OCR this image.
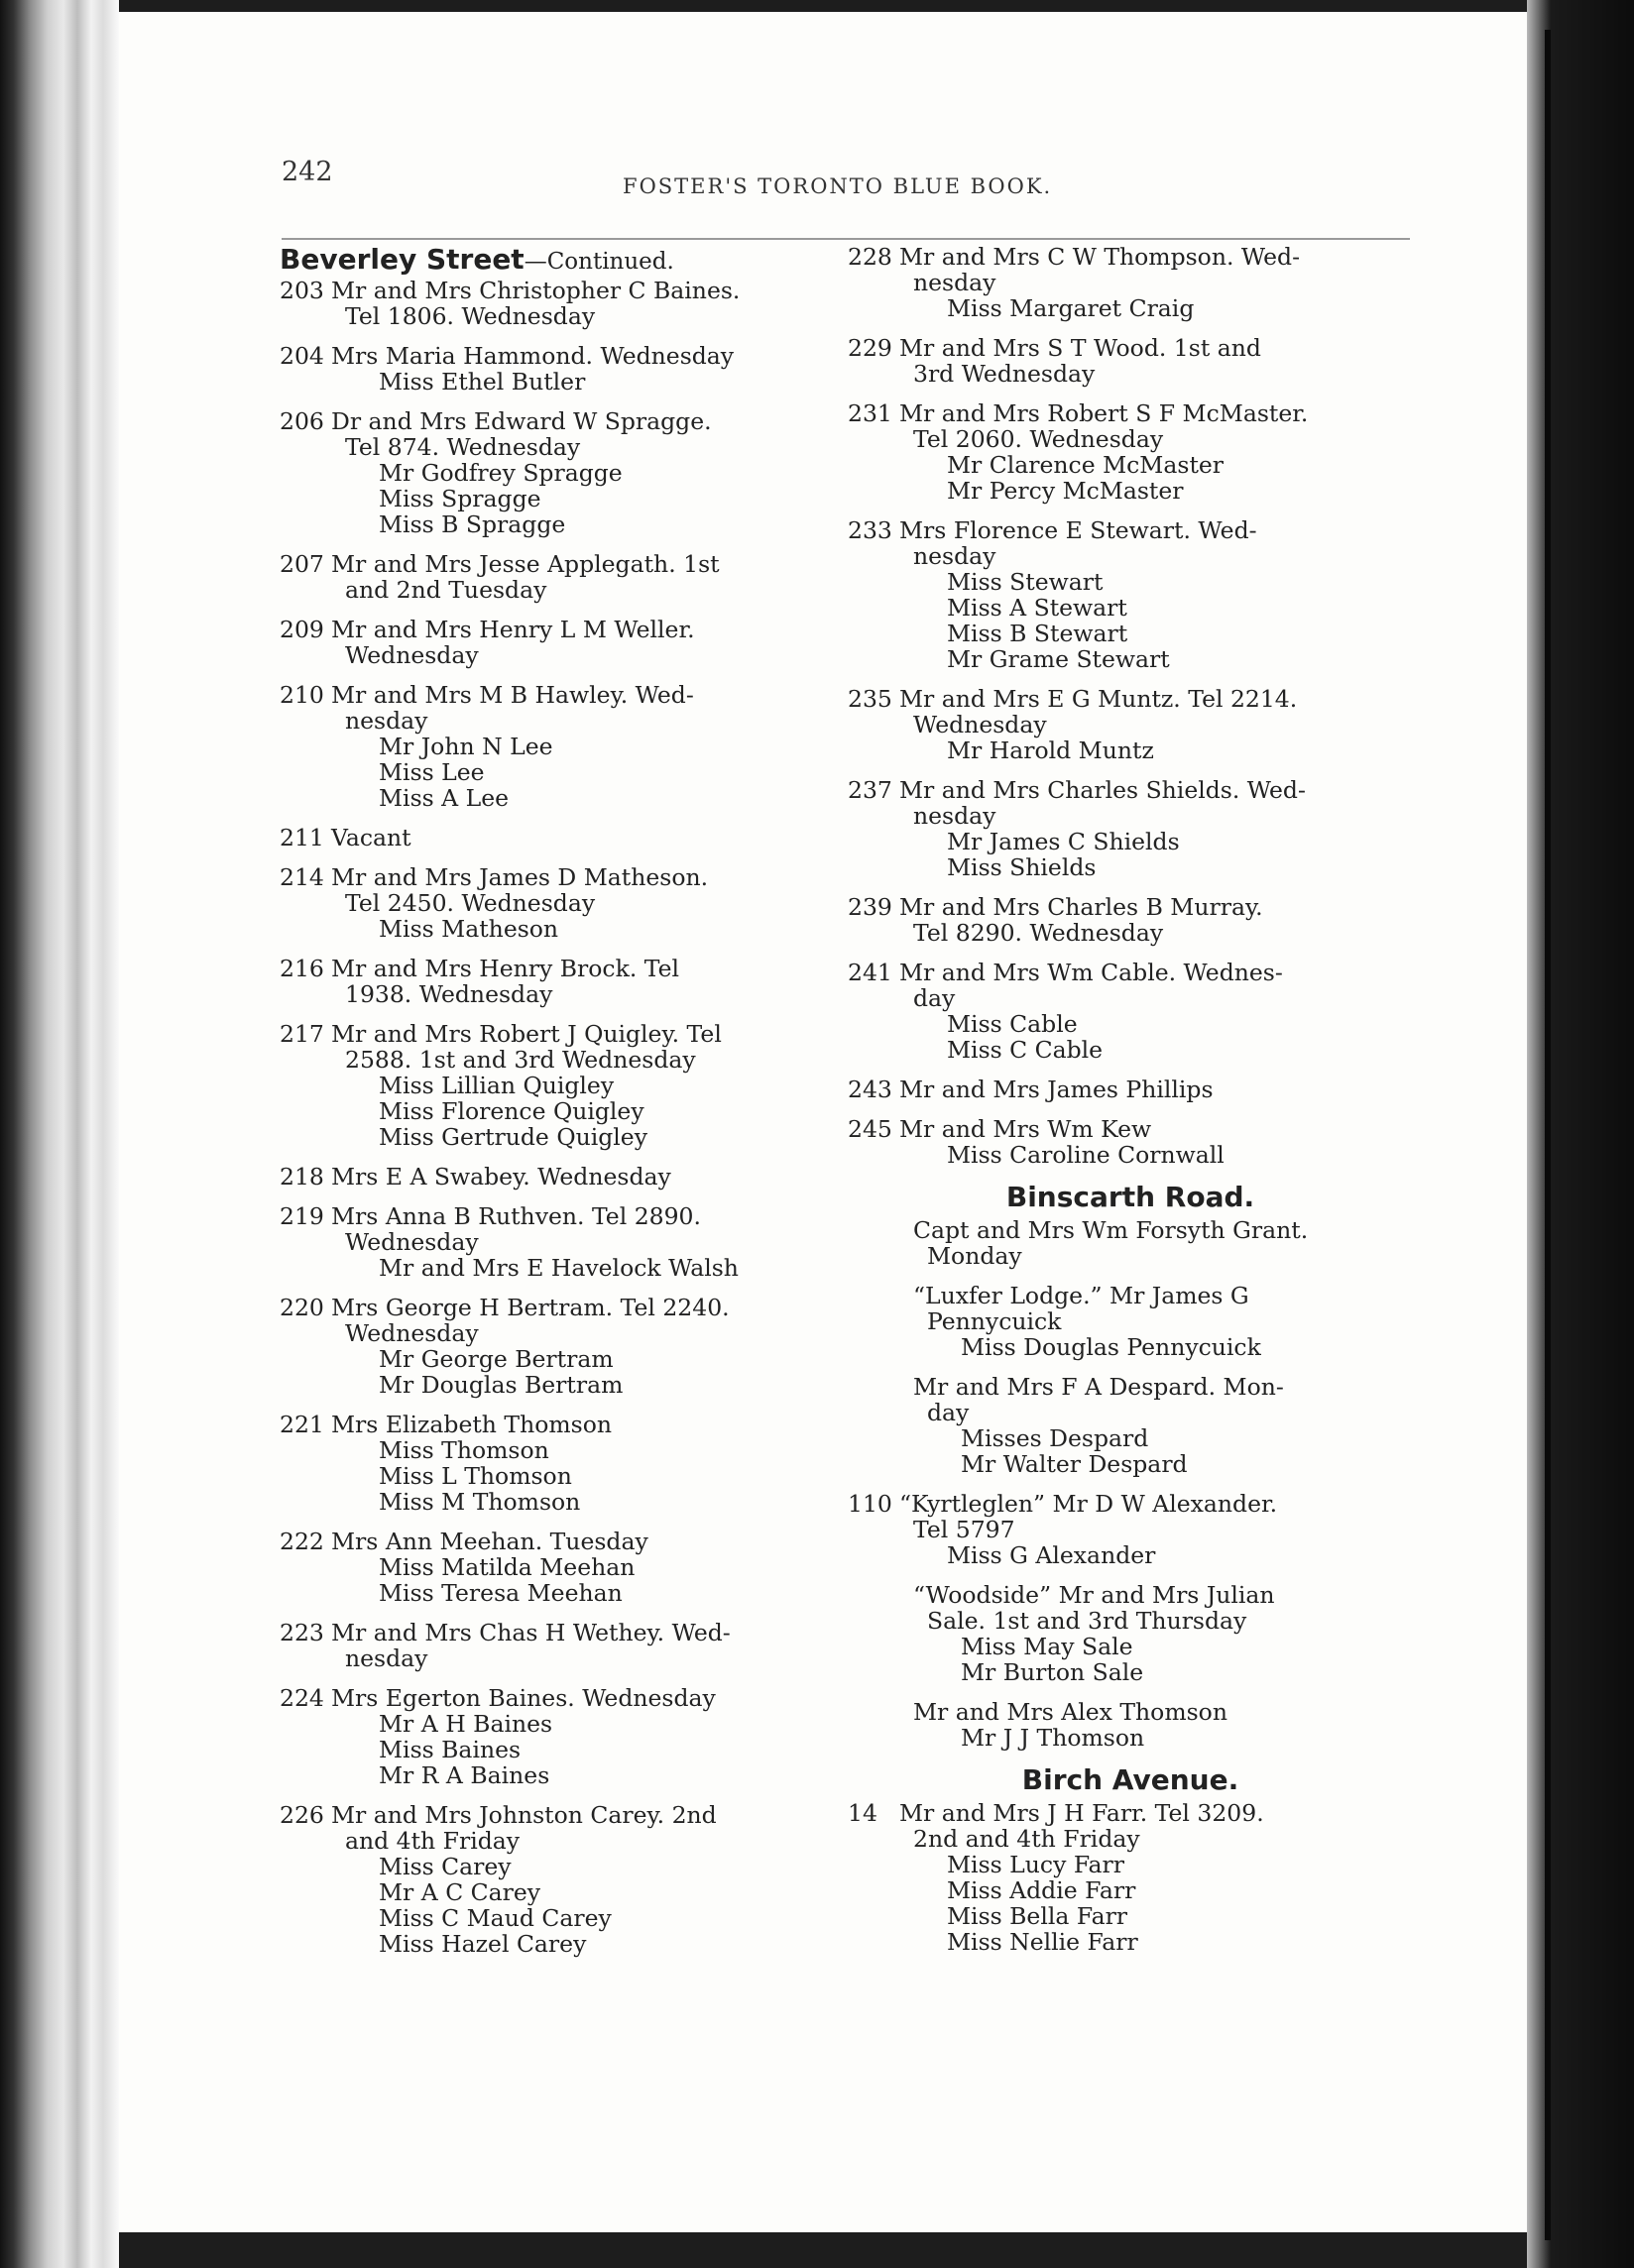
242	FOSTER'S TORONTO BLUE BOOK.
Beverley Street—Continued.
203 Mr and Mrs Christopher C Baines.
Tel 1806. Wednesday
204 Mrs Maria Hammond. Wednesday
Miss Ethel Butler
206 Dr and Mrs Edward W Spragge.
Tel 874. Wednesday
Mr Godfrey Spragge
Miss Spragge
Miss B Spragge
207 Mr and Mrs Jesse Applegath. 1st
and 2nd Tuesday
209 Mr and Mrs Henry L M Weller.
Wednesday
210 Mr and Mrs M B Hawley. Wed-
nesday
Mr John N Lee
Miss Lee
Miss A Lee
211 Vacant
214 Mr and Mrs James D Matheson.
Tel 2450. Wednesday
Miss Matheson
216 Mr and Mrs Henry Brock. Tel
1938. Wednesday
217 Mr and Mrs Robert J Quigley. Tel
2588. 1st and 3rd Wednesday
Miss Lillian Quigley
Miss Florence Quigley
Miss Gertrude Quigley
218 Mrs E A Swabey. Wednesday
219 Mrs Anna B Ruthven. Tel 2890.
Wednesday
Mr and Mrs E Havelock Walsh
220 Mrs George H Bertram. Tel 2240.
Wednesday
Mr George Bertram
Mr Douglas Bertram
221 Mrs Elizabeth Thomson
Miss Thomson
Miss L Thomson
Miss M Thomson
222 Mrs Ann Meehan. Tuesday
Miss Matilda Meehan
Miss Teresa Meehan
223 Mr and Mrs Chas H Wethey. Wed-
nesday
224 Mrs Egerton Baines. Wednesday
Mr A H Baines
Miss Baines
Mr R A Baines
226 Mr and Mrs Johnston Carey. 2nd
and 4th Friday
Miss Carey
Mr A C Carey
Miss C Maud Carey
Miss Hazel Carey
228 Mr and Mrs C W Thompson. Wed-
nesday
Miss Margaret Craig
229 Mr and Mrs S T Wood. 1st and
3rd Wednesday
231 Mr and Mrs Robert S F McMaster.
Tel 2060. Wednesday
Mr Clarence McMaster
Mr Percy McMaster
233 Mrs Florence E Stewart. Wed-
nesday
Miss Stewart
Miss A Stewart
Miss B Stewart
Mr Grame Stewart
235 Mr and Mrs E G Muntz. Tel 2214.
Wednesday
Mr Harold Muntz
237 Mr and Mrs Charles Shields. Wed-
nesday
Mr James C Shields
Miss Shields
239 Mr and Mrs Charles B Murray.
Tel 8290. Wednesday
241 Mr and Mrs Wm Cable. Wednes-
day
Miss Cable
Miss C Cable
243 Mr and Mrs James Phillips
245 Mr and Mrs Wm Kew
Miss Caroline Cornwall
Binscarth Road.
Capt and Mrs Wm Forsyth Grant.
Monday
“Luxfer Lodge.” Mr James G
Pennycuick
Miss Douglas Pennycuick
Mr and Mrs F A Despard. Mon-
day
Misses Despard
Mr Walter Despard
110 “Kyrtleglen” Mr D W Alexander.
Tel 5797
Miss G Alexander
“Woodside” Mr and Mrs Julian
Sale. 1st and 3rd Thursday
Miss May Sale
Mr Burton Sale
Mr and Mrs Alex Thomson
Mr J J Thomson
Birch Avenue.
14 Mr and Mrs J H Farr. Tel 3209.
2nd and 4th Friday
Miss Lucy Farr
Miss Addie Farr
Miss Bella Farr
Miss Nellie Farr
